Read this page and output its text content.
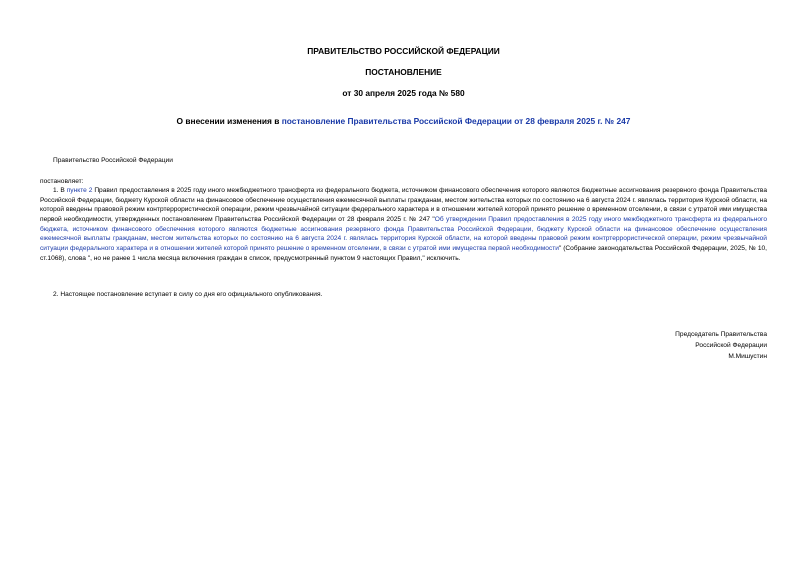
ПРАВИТЕЛЬСТВО РОССИЙСКОЙ ФЕДЕРАЦИИ
ПОСТАНОВЛЕНИЕ
от 30 апреля 2025 года № 580
О внесении изменения в постановление Правительства Российской Федерации от 28 февраля 2025 г. № 247
Правительство Российской Федерации
постановляет:

1. В пункте 2 Правил предоставления в 2025 году иного межбюджетного трансферта из федерального бюджета, источником финансового обеспечения которого являются бюджетные ассигнования резервного фонда Правительства Российской Федерации, бюджету Курской области на финансовое обеспечение осуществления ежемесячной выплаты гражданам, местом жительства которых по состоянию на 6 августа 2024 г. являлась территория Курской области, на которой введены правовой режим контртеррористической операции, режим чрезвычайной ситуации федерального характера и в отношении жителей которой принято решение о временном отселении, в связи с утратой ими имущества первой необходимости, утвержденных постановлением Правительства Российской Федерации от 28 февраля 2025 г. № 247 "Об утверждении Правил предоставления в 2025 году иного межбюджетного трансферта из федерального бюджета, источником финансового обеспечения которого являются бюджетные ассигнования резервного фонда Правительства Российской Федерации, бюджету Курской области на финансовое обеспечение осуществления ежемесячной выплаты гражданам, местом жительства которых по состоянию на 6 августа 2024 г. являлась территория Курской области, на которой введены правовой режим контртеррористической операции, режим чрезвычайной ситуации федерального характера и в отношении жителей которой принято решение о временном отселении, в связи с утратой ими имущества первой необходимости" (Собрание законодательства Российской Федерации, 2025, № 10, ст.1068), слова ", но не ранее 1 числа месяца включения граждан в список, предусмотренный пунктом 9 настоящих Правил," исключить.

2. Настоящее постановление вступает в силу со дня его официального опубликования.

Председатель Правительства
Российской Федерации
М.Мишустин
